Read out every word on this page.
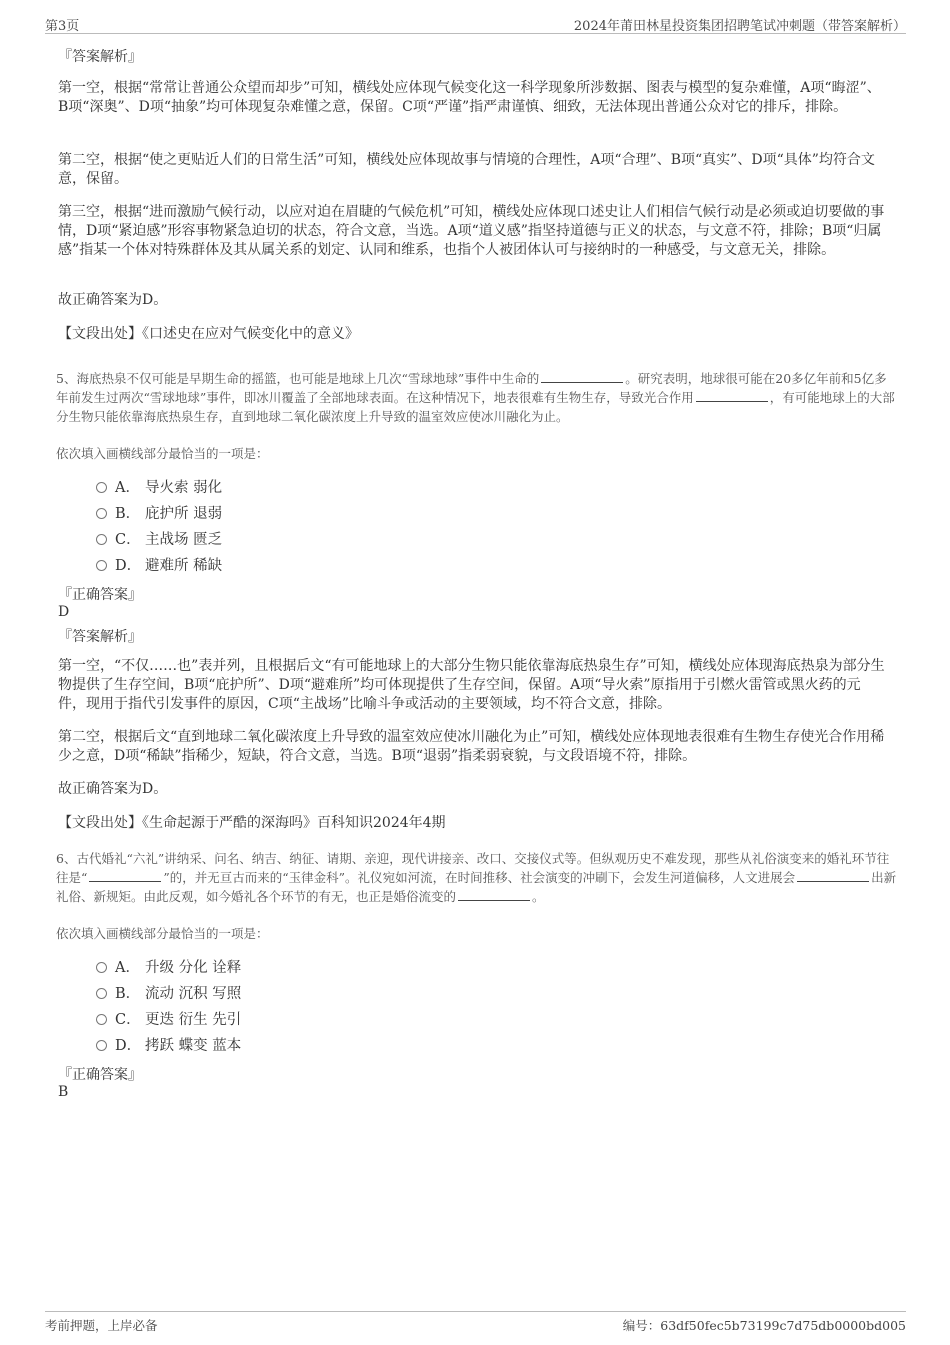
第3页	2024年莆田林星投资集团招聘笔试冲刺题（带答案解析）
『答案解析』
第一空，根据“常常让普通公众望而却步”可知，横线处应体现气候变化这一科学现象所涉数据、图表与模型的复杂难懂，A项“晦涩”、B项“深奥”、D项“抽象”均可体现复杂难懂之意，保留。C项“严谨”指严肃谨慎、细致，无法体现出普通公众对它的排斥，排除。
第二空，根据“使之更贴近人们的日常生活”可知，横线处应体现故事与情境的合理性，A项“合理”、B项“真实”、D项“具体”均符合文意，保留。
第三空，根据“进而激励气候行动，以应对迫在眉睫的气候危机”可知，横线处应体现口述史让人们相信气候行动是必须或迫切要做的事情，D项“紧迫感”形容事物紧急迫切的状态，符合文意，当选。A项“道义感”指坚持道德与正义的状态，与文意不符，排除；B项“归属感”指某一个体对特殊群体及其从属关系的划定、认同和维系，也指个人被团体认可与接纳时的一种感受，与文意无关，排除。
故正确答案为D。
【文段出处】《口述史在应对气候变化中的意义》
5、海底热泉不仅可能是早期生命的摇篮，也可能是地球上几次“雪球地球”事件中生命的	。研究表明，地球很可能在20多亿年前和5亿多年前发生过两次“雪球地球”事件，即冰川覆盖了全部地球表面。在这种情况下，地表很难有生物生存，导致光合作用	，有可能地球上的大部分生物只能依靠海底热泉生存，直到地球二氧化碳浓度上升导致的温室效应使冰川融化为止。
依次填入画横线部分最恰当的一项是：
A． 导火索 弱化
B． 庇护所 退弱
C． 主战场 匮乏
D． 避难所 稀缺
『正确答案』
D
『答案解析』
第一空，“不仅……也”表并列，且根据后文“有可能地球上的大部分生物只能依靠海底热泉生存”可知，横线处应体现海底热泉为部分生物提供了生存空间，B项“庇护所”、D项“避难所”均可体现提供了生存空间，保留。A项“导火索”原指用于引燃火雷管或黑火药的元件，现用于指代引发事件的原因，C项“主战场”比喻斗争或活动的主要领域，均不符合文意，排除。
第二空，根据后文“直到地球二氧化碳浓度上升导致的温室效应使冰川融化为止”可知，横线处应体现地表很难有生物生存使光合作用稀少之意，D项“稀缺”指稀少，短缺，符合文意，当选。B项“退弱”指柔弱衰貌，与文段语境不符，排除。
故正确答案为D。
【文段出处】《生命起源于严酷的深海吗》百科知识2024年4期
6、古代婚礼“六礼”讲纳采、问名、纳吉、纳征、请期、亲迎，现代讲接亲、改口、交接仪式等。但纵观历史不难发现，那些从礼俗演变来的婚礼环节往往是“	”的，并无亘古而来的“玉律金科”。礼仪宛如河流，在时间推移、社会演变的冲刷下，会发生河道偏移，人文进展会	出新礼俗、新规矩。由此反观，如今婚礼各个环节的有无，也正是婚俗流变的	。
依次填入画横线部分最恰当的一项是：
A． 升级 分化 诠释
B． 流动 沉积 写照
C． 更迭 衍生 先引
D． 拷跃 蝶变 蓝本
『正确答案』
B
考前押题，上岸必备	编号：63df50fec5b73199c7d75db0000bd005
